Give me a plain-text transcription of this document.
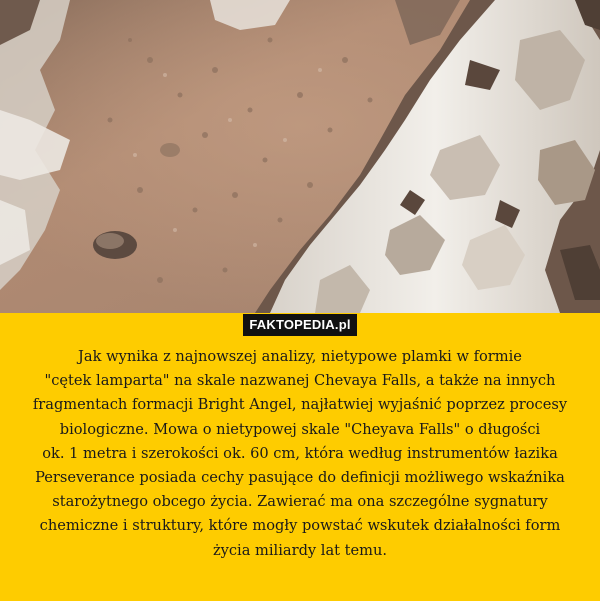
FAKTOPEDIA.pl

Jak wynika z najnowszej analizy, nietypowe plamki w formie
"cętek lamparta" na skale nazwanej Chevaya Falls, a także na innych
fragmentach formacji Bright Angel, najłatwiej wyjaśnić poprzez procesy
biologiczne. Mowa o nietypowej skale "Cheyava Falls" o długości
ok. 1 metra i szerokości ok. 60 cm, która według instrumentów łazika
Perseverance posiada cechy pasujące do definicji możliwego wskaźnika
starożytnego obcego życia. Zawierać ma ona szczególne sygnatury
chemiczne i struktury, które mogły powstać wskutek działalności form
życia miliardy lat temu.
